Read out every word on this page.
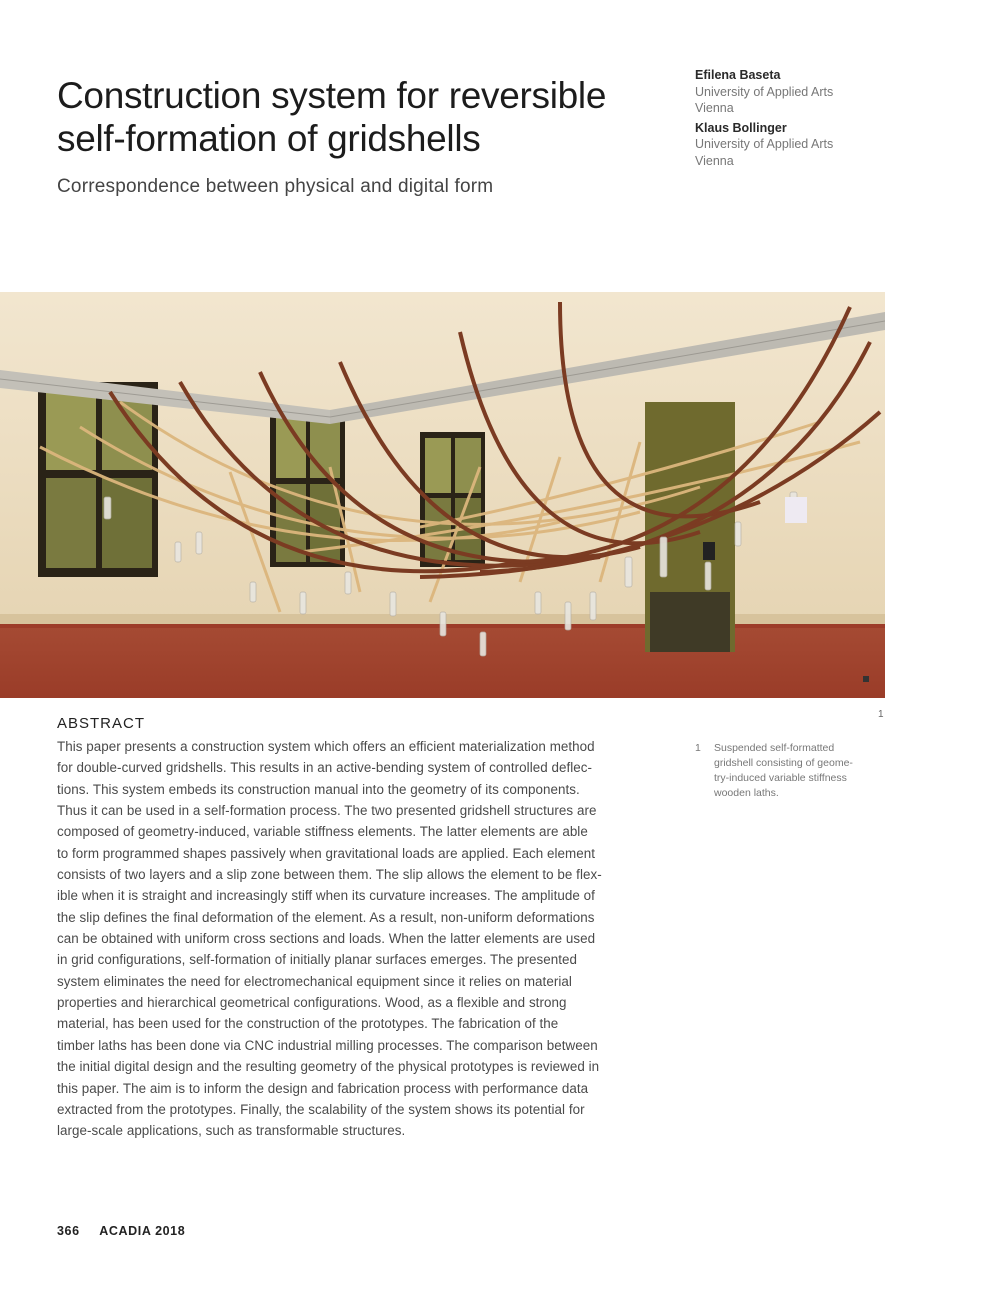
Construction system for reversible
self-formation of gridshells

Correspondence between physical and digital form

Efilena Baseta
University of Applied Arts
Vienna
Klaus Bollinger
University of Applied Arts
Vienna
1
ABSTRACT

This paper presents a construction system which offers an efficient materialization method
for double-curved gridshells. This results in an active-bending system of controlled deflec-
tions. This system embeds its construction manual into the geometry of its components.
Thus it can be used in a self-formation process. The two presented gridshell structures are
composed of geometry-induced, variable stiffness elements. The latter elements are able
to form programmed shapes passively when gravitational loads are applied. Each element
consists of two layers and a slip zone between them. The slip allows the element to be flex-
ible when it is straight and increasingly stiff when its curvature increases. The amplitude of
the slip defines the final deformation of the element. As a result, non-uniform deformations
can be obtained with uniform cross sections and loads. When the latter elements are used
in grid configurations, self-formation of initially planar surfaces emerges. The presented
system eliminates the need for electromechanical equipment since it relies on material
properties and hierarchical geometrical configurations. Wood, as a flexible and strong
material, has been used for the construction of the prototypes. The fabrication of the
timber laths has been done via CNC industrial milling processes. The comparison between
the initial digital design and the resulting geometry of the physical prototypes is reviewed in
this paper. The aim is to inform the design and fabrication process with performance data
extracted from the prototypes. Finally, the scalability of the system shows its potential for
large-scale applications, such as transformable structures.

1 Suspended self-formatted
gridshell consisting of geome-
try-induced variable stiffness
wooden laths.
366 ACADIA 2018
